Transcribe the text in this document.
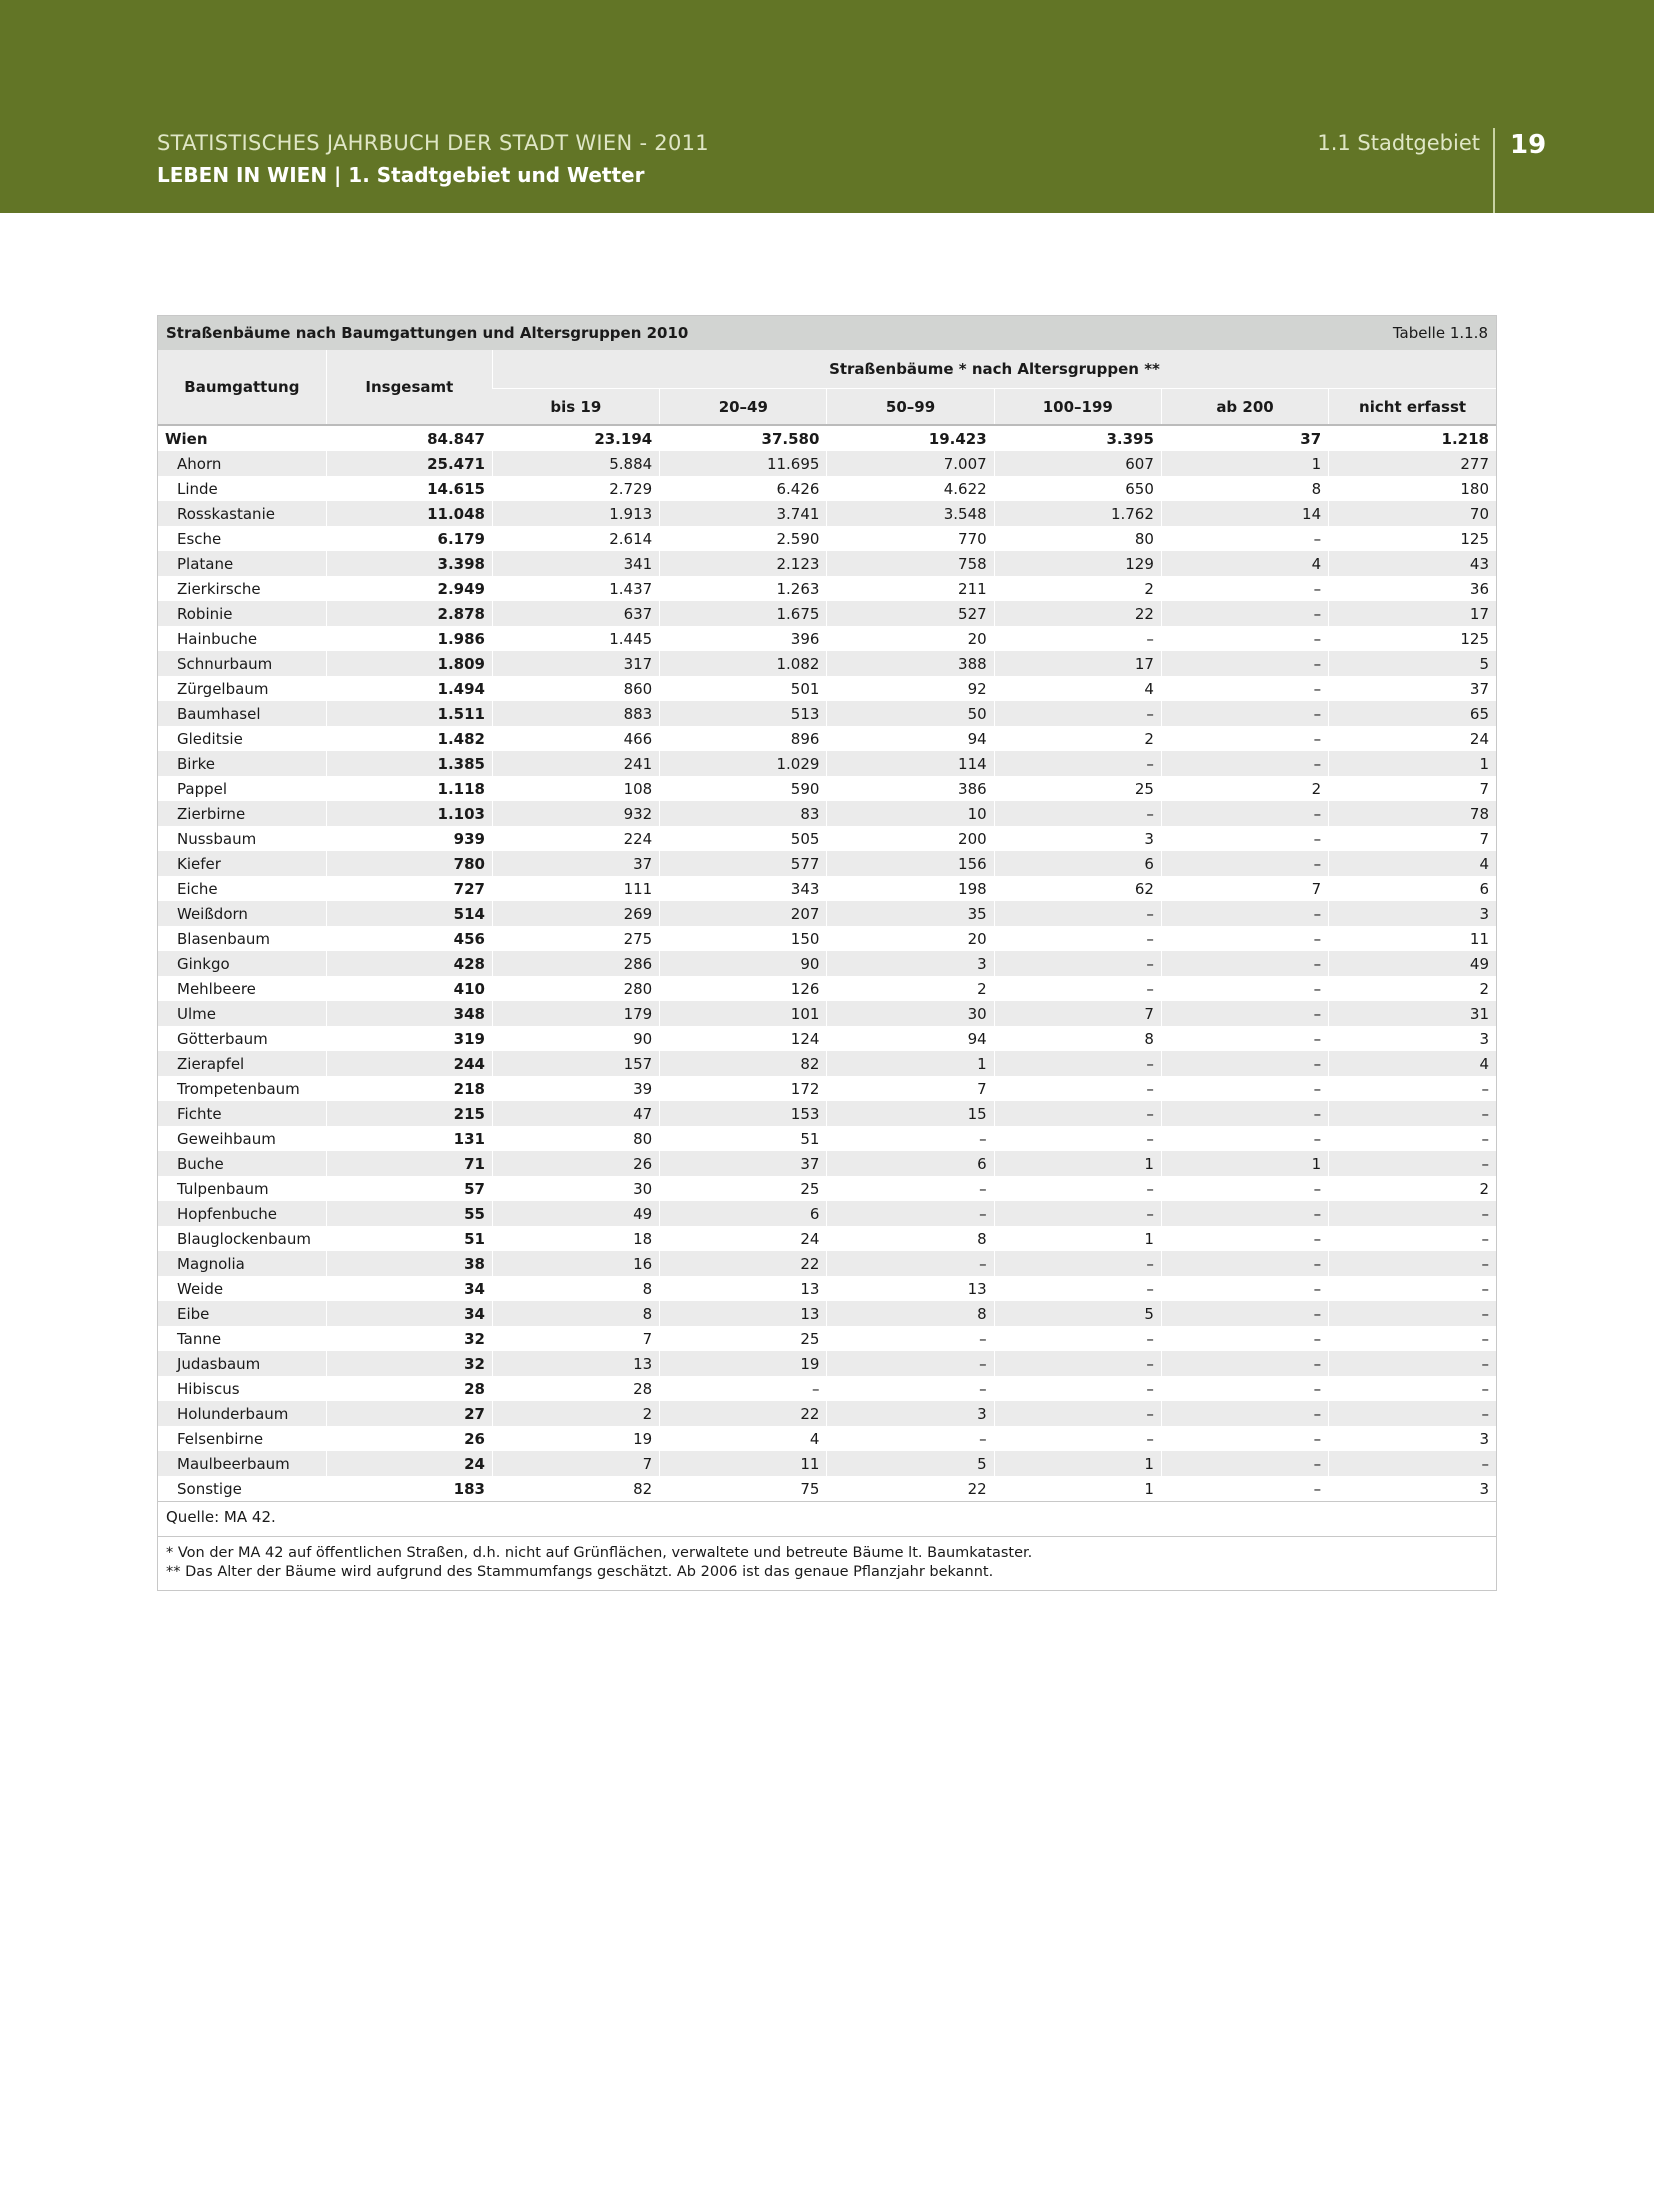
STATISTISCHES JAHRBUCH DER STADT WIEN - 2011
LEBEN IN WIEN | 1. Stadtgebiet und Wetter
1.1 Stadtgebiet 19
Straßenbäume nach Baumgattungen und Altersgruppen 2010	Tabelle 1.1.8
Baumgattung	Insgesamt	Straßenbäume * nach Altersgruppen **					
		bis 19	20–49	50–99	100–199	ab 200	nicht erfasst
Wien	84.847	23.194	37.580	19.423	3.395	37	1.218
Ahorn	25.471	5.884	11.695	7.007	607	1	277
Linde	14.615	2.729	6.426	4.622	650	8	180
Rosskastanie	11.048	1.913	3.741	3.548	1.762	14	70
Esche	6.179	2.614	2.590	770	80	–	125
Platane	3.398	341	2.123	758	129	4	43
Zierkirsche	2.949	1.437	1.263	211	2	–	36
Robinie	2.878	637	1.675	527	22	–	17
Hainbuche	1.986	1.445	396	20	–	–	125
Schnurbaum	1.809	317	1.082	388	17	–	5
Zürgelbaum	1.494	860	501	92	4	–	37
Baumhasel	1.511	883	513	50	–	–	65
Gleditsie	1.482	466	896	94	2	–	24
Birke	1.385	241	1.029	114	–	–	1
Pappel	1.118	108	590	386	25	2	7
Zierbirne	1.103	932	83	10	–	–	78
Nussbaum	939	224	505	200	3	–	7
Kiefer	780	37	577	156	6	–	4
Eiche	727	111	343	198	62	7	6
Weißdorn	514	269	207	35	–	–	3
Blasenbaum	456	275	150	20	–	–	11
Ginkgo	428	286	90	3	–	–	49
Mehlbeere	410	280	126	2	–	–	2
Ulme	348	179	101	30	7	–	31
Götterbaum	319	90	124	94	8	–	3
Zierapfel	244	157	82	1	–	–	4
Trompetenbaum	218	39	172	7	–	–	–
Fichte	215	47	153	15	–	–	–
Geweihbaum	131	80	51	–	–	–	–
Buche	71	26	37	6	1	1	–
Tulpenbaum	57	30	25	–	–	–	2
Hopfenbuche	55	49	6	–	–	–	–
Blauglockenbaum	51	18	24	8	1	–	–
Magnolia	38	16	22	–	–	–	–
Weide	34	8	13	13	–	–	–
Eibe	34	8	13	8	5	–	–
Tanne	32	7	25	–	–	–	–
Judasbaum	32	13	19	–	–	–	–
Hibiscus	28	28	–	–	–	–	–
Holunderbaum	27	2	22	3	–	–	–
Felsenbirne	26	19	4	–	–	–	3
Maulbeerbaum	24	7	11	5	1	–	–
Sonstige	183	82	75	22	1	–	3
Quelle: MA 42.
* Von der MA 42 auf öffentlichen Straßen, d.h. nicht auf Grünflächen, verwaltete und betreute Bäume lt. Baumkataster.
** Das Alter der Bäume wird aufgrund des Stammumfangs geschätzt. Ab 2006 ist das genaue Pflanzjahr bekannt.
